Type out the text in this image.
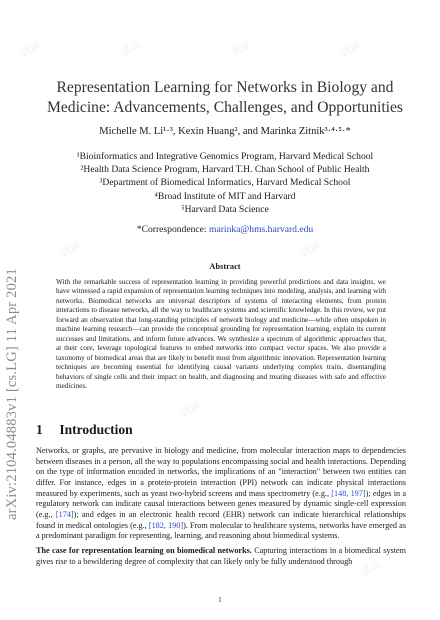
试读	试读	试读	试读
试读	试读
试读
试读
arXiv:2104.04883v1 [cs.LG] 11 Apr 2021
Representation Learning for Networks in Biology and Medicine: Advancements, Challenges, and Opportunities
Michelle M. Li¹·³, Kexin Huang², and Marinka Zitnik³·⁴·⁵·*
¹Bioinformatics and Integrative Genomics Program, Harvard Medical School
²Health Data Science Program, Harvard T.H. Chan School of Public Health
³Department of Biomedical Informatics, Harvard Medical School
⁴Broad Institute of MIT and Harvard
⁵Harvard Data Science
*Correspondence: marinka@hms.harvard.edu
Abstract
With the remarkable success of representation learning in providing powerful predictions and data insights, we have witnessed a rapid expansion of representation learning techniques into modeling, analysis, and learning with networks. Biomedical networks are universal descriptors of systems of interacting elements, from protein interactions to disease networks, all the way to healthcare systems and scientific knowledge. In this review, we put forward an observation that long-standing principles of network biology and medicine—while often unspoken in machine learning research—can provide the conceptual grounding for representation learning, explain its current successes and limitations, and inform future advances. We synthesize a spectrum of algorithmic approaches that, at their core, leverage topological features to embed networks into compact vector spaces. We also provide a taxonomy of biomedical areas that are likely to benefit most from algorithmic innovation. Representation learning techniques are becoming essential for identifying causal variants underlying complex traits, disentangling behaviors of single cells and their impact on health, and diagnosing and treating diseases with safe and effective medicines.
1 Introduction

Networks, or graphs, are pervasive in biology and medicine, from molecular interaction maps to dependencies between diseases in a person, all the way to populations encompassing social and health interactions. Depending on the type of information encoded in networks, the implications of an "interaction" between two entities can differ. For instance, edges in a protein-protein interaction (PPI) network can indicate physical interactions measured by experiments, such as yeast two-hybrid screens and mass spectrometry (e.g., [148, 197]); edges in a regulatory network can indicate causal interactions between genes measured by dynamic single-cell expression (e.g., [174]); and edges in an electronic health record (EHR) network can indicate hierarchical relationships found in medical ontologies (e.g., [182, 190]). From molecular to healthcare systems, networks have emerged as a predominant paradigm for representing, learning, and reasoning about biomedical systems.

The case for representation learning on biomedical networks. Capturing interactions in a biomedical system gives rise to a bewildering degree of complexity that can likely only be fully understood through

1
